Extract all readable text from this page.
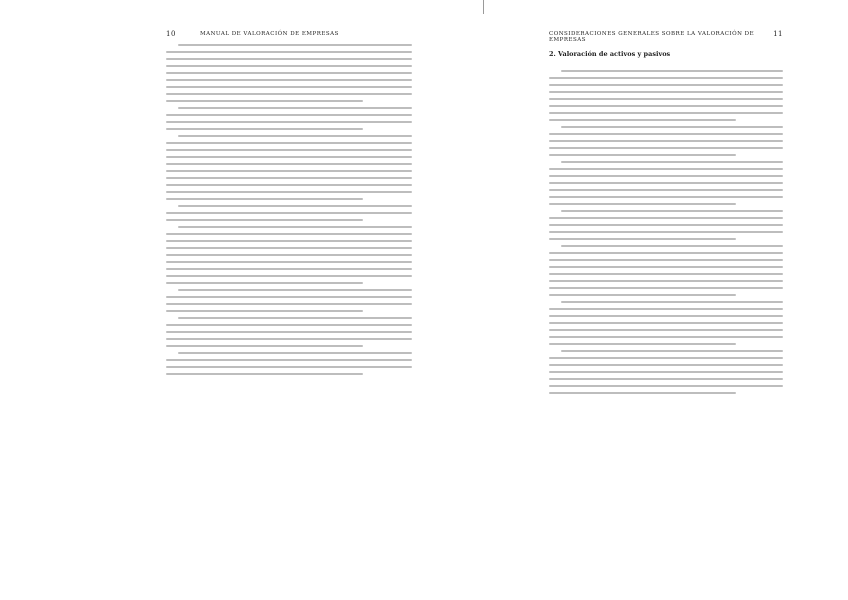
10	MANUAL DE VALORACIÓN DE EMPRESAS	CONSIDERACIONES GENERALES SOBRE LA VALORACIÓN DE EMPRESAS
11
2. Valoración de activos y pasivos
